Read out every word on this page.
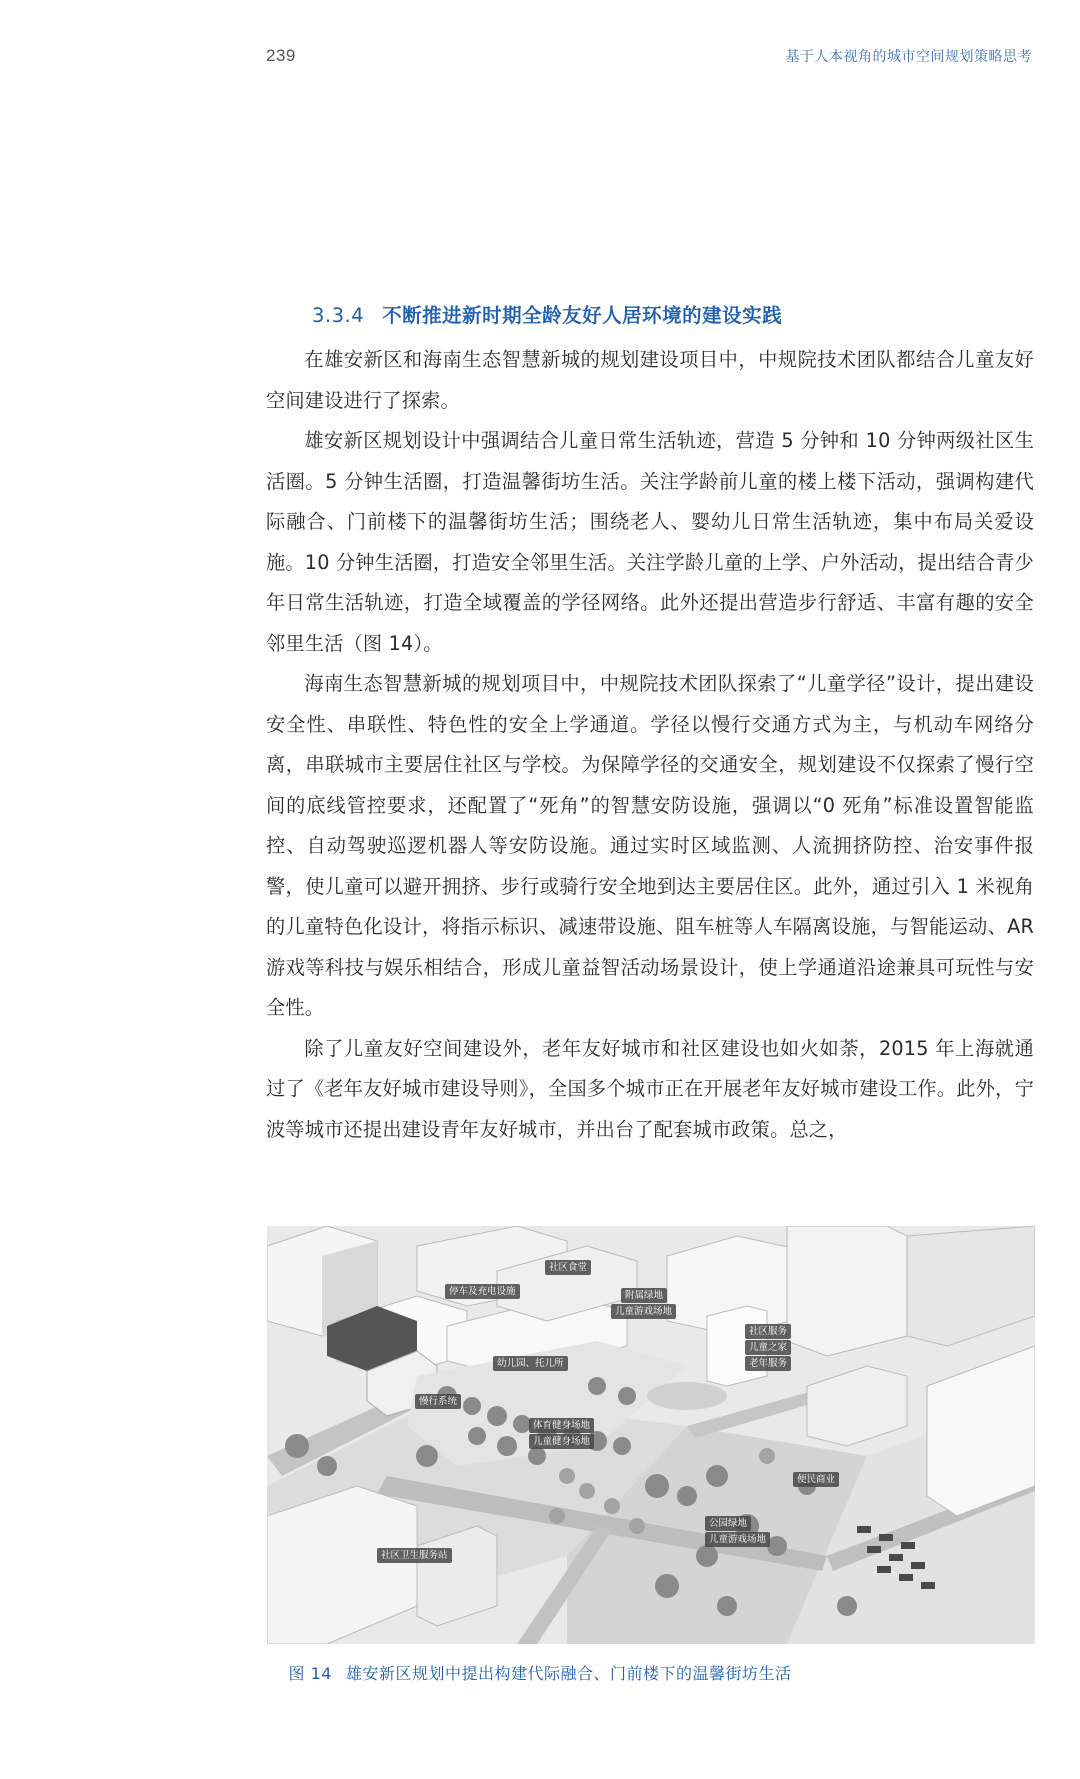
239	基于人本视角的城市空间规划策略思考
3.3.4 不断推进新时期全龄友好人居环境的建设实践

在雄安新区和海南生态智慧新城的规划建设项目中，中规院技术团队都结合儿童友好空间建设进行了探索。

雄安新区规划设计中强调结合儿童日常生活轨迹，营造 5 分钟和 10 分钟两级社区生活圈。5 分钟生活圈，打造温馨街坊生活。关注学龄前儿童的楼上楼下活动，强调构建代际融合、门前楼下的温馨街坊生活；围绕老人、婴幼儿日常生活轨迹，集中布局关爱设施。10 分钟生活圈，打造安全邻里生活。关注学龄儿童的上学、户外活动，提出结合青少年日常生活轨迹，打造全域覆盖的学径网络。此外还提出营造步行舒适、丰富有趣的安全邻里生活（图 14）。

海南生态智慧新城的规划项目中，中规院技术团队探索了“儿童学径”设计，提出建设安全性、串联性、特色性的安全上学通道。学径以慢行交通方式为主，与机动车网络分离，串联城市主要居住社区与学校。为保障学径的交通安全，规划建设不仅探索了慢行空间的底线管控要求，还配置了“死角”的智慧安防设施，强调以“0 死角”标准设置智能监控、自动驾驶巡逻机器人等安防设施。通过实时区域监测、人流拥挤防控、治安事件报警，使儿童可以避开拥挤、步行或骑行安全地到达主要居住区。此外，通过引入 1 米视角的儿童特色化设计，将指示标识、减速带设施、阻车桩等人车隔离设施，与智能运动、AR 游戏等科技与娱乐相结合，形成儿童益智活动场景设计，使上学通道沿途兼具可玩性与安全性。

除了儿童友好空间建设外，老年友好城市和社区建设也如火如荼，2015 年上海就通过了《老年友好城市建设导则》，全国多个城市正在开展老年友好城市建设工作。此外，宁波等城市还提出建设青年友好城市，并出台了配套城市政策。总之，

社区食堂
停车及充电设施	附属绿地
儿童游戏场地
社区服务
儿童之家
老年服务
幼儿园、托儿所
慢行系统
体育健身场地
儿童健身场地
便民商业
公园绿地
儿童游戏场地
社区卫生服务站
图 14 雄安新区规划中提出构建代际融合、门前楼下的温馨街坊生活
